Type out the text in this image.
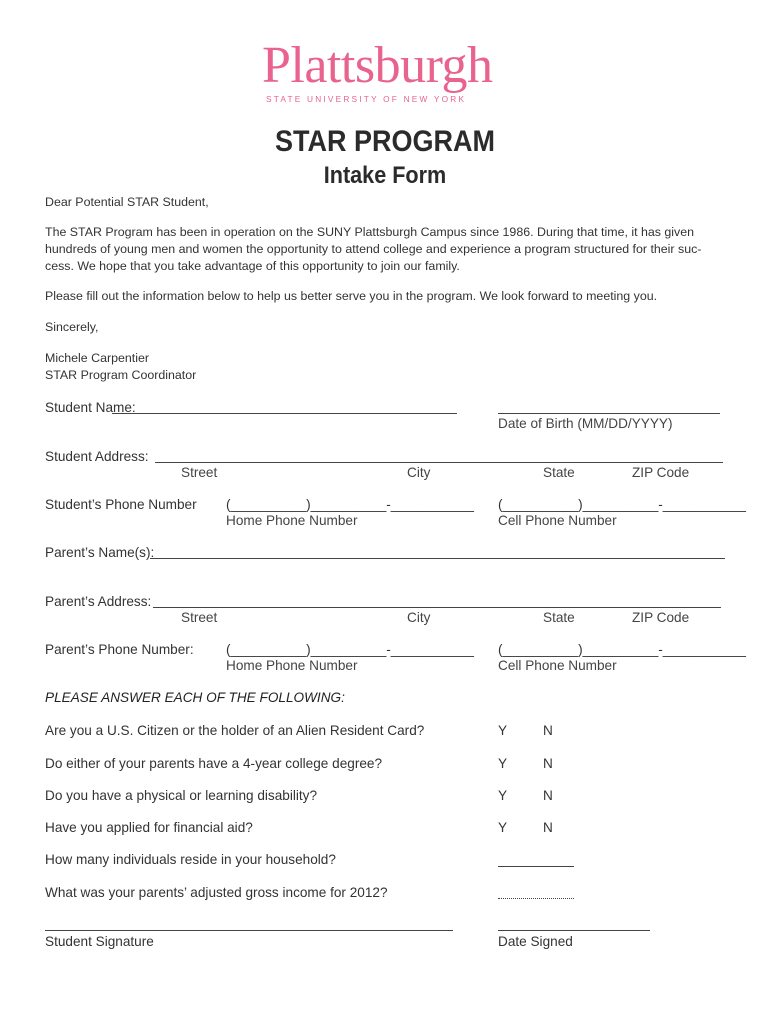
Plattsburgh
STATE UNIVERSITY OF NEW YORK
STAR PROGRAM
Intake Form
Dear Potential STAR Student,
The STAR Program has been in operation on the SUNY Plattsburgh Campus since 1986. During that time, it has given
hundreds of young men and women the opportunity to attend college and experience a program structured for their suc-
cess. We hope that you take advantage of this opportunity to join our family.
Please fill out the information below to help us better serve you in the program. We look forward to meeting you.
Sincerely,
Michele Carpentier
STAR Program Coordinator
Student Name:
Date of Birth (MM/DD/YYYY)
Student Address:
Street	City	State	ZIP Code
Student’s Phone Number (__________)__________-___________
Home Phone Number
(__________)__________-___________
Cell Phone Number
Parent’s Name(s):
Parent’s Address:
Street	City	State	ZIP Code
Parent’s Phone Number: (__________)__________-___________
Home Phone Number
(__________)__________-___________
Cell Phone Number
PLEASE ANSWER EACH OF THE FOLLOWING:
Are you a U.S. Citizen or the holder of an Alien Resident Card?	Y	N
Do either of your parents have a 4-year college degree?	Y	N
Do you have a physical or learning disability?	Y	N
Have you applied for financial aid?	Y	N
How many individuals reside in your household?
What was your parents’ adjusted gross income for 2012?
Student Signature	Date Signed
